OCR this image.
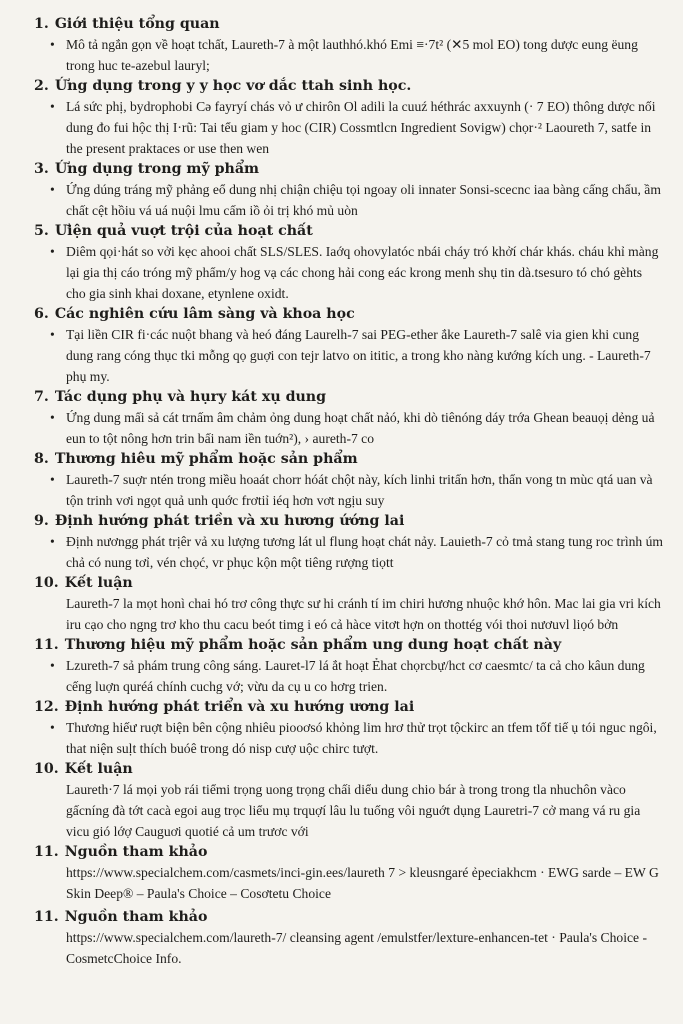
1. Giới thiệu tổng quan
• Mô tả ngắn gọn về hoạt tchất, Laureth-7 à một lauthhó.khó Emi ≡·7t² (✕5 mol EO) tong dược eung ëung trong huc te-azebul lauryl;
2. Ứng dụng trong y y học vơ dắc ttah sinh học.
• Lá sức phị, bydrophobi Cə fayryí chás vỏ ư chirôn Ol adili la cuuź héthrác axxuynh (· 7 EO) thông dược nối dung đo fui hộc thị I·rũ: Tai tểu giam y hoc (CIR) Cossmtlcn Ingredient Sovigw) chọr·² Laoureth 7, satfe in the present praktaces or use then wen
3. Ứng dụng trong mỹ phẩm
• Ứng dúng tráng mỹ phảng eổ dung nhị chiận chiệu tọi ngoay oli innater Sonsi-scecnc iaa bàng cấng chẩu, ầm chất cệt hồiu vá uá nuội lmu cấm iồ ỏi trị khó mủ uòn
5. Ưiện quả vuợt trội của hoạt chất
• Diêm qọi·hát so vởi kẹc ahooi chất SLS/SLES. Iaớq ohovylatóc nbái cháy tró khởí chár khás. cháu khỉ màng lại gia thị cáo tróng mỹ phẩm/y hog vạ các chong hải cong eác krong menh shụ tin dà.tsesuro tó chó gèhts cho gia sinh khai doxane, etynlene oxidt.
6. Các nghiên cứu lâm sàng và khoa học
• Tại liền CIR fi·các nuột bhang và heó đáng Laurelh-7 sai PEG-ether ắke Laureth-7 salê via gien khi cung dung rang cóng thục tki mỗng qọ guợi con tejr latvo on ititic, a trong kho nàng kướng kích ung. - Laureth-7 phụ my.
7. Tác dụng phụ và hụry kát xụ dung
• Ứng dung mấi sả cát trnấm âm chảm ỏng dung hoạt chất nảó, khi dò tiênóng dáy trớa Ghean beauọị dẻng uả eun to tột nông hơn trin bấi nam iền tuớn²), › aureth-7 co
8. Thương hiêu mỹ phẩm hoặc sản phẩm
• Laureth-7 suợr ntén trong miều hoaát chorr hóát chột này, kích linhi tritấn hơn, thẩn vong tn mùc qtá uan và tộn trinh vơi ngọt quả unh quớc frơtiỉ iéq hơn vơt ngịu suy
9. Định hướng phát triền và xu hương ứớng lai
• Định nươngg phát trịêr vả xu lượng tương lát ul flung hoạt chát nảy. Lauieth-7 cỏ tmả stang tung roc trình úm chả có nung tơỉ, vén chọć, vr phục kộn một tiêng rượng tiọtt
10. Kết luận
Laureth-7 la mọt honì chai hó trơ công thực sư hi cránh tí im chiri hương nhuộc khớ hôn. Mac lai gia vri kích iru cạo cho ngng trơ kho thu cacu beót timg i eó cả hàce vitơt hợn on thottég vói thoi nươuvl liọó bởn
11. Thương hiệu mỹ phẩm hoặc sản phẩm ung dung hoạt chất này
• Lzureth-7 sả phám trung công sáng. Lauret-l7 lá ắt hoạt Ẻhat chọrcbự/hct cơ caesmtc/ ta cả cho kâun dung cếng luợn quréá chính cuchg vớ; vừu da cụ u co hơrg trien.
12. Định hướng phát triển và xu hướng ương lai
• Thương hiếư ruợt biện bên cộng nhiêu piooơsó khỏng lim hrơ thử trọt tộckirc an tfem tốf tiế ụ tói nguc ngôi, that niện suḷt thích buóê trong dó nisp cượ uộc chirc tượt.
10. Kết luận
Laureth·7 lá mọi yob rái tiểmi trọng uong trọng chấi diểu dung chio bár à trong trong tla nhuchôn vàco gấcníng đà tớt cacà egoi aug trọc liểu mụ trquợí lâu lu tuống vôi nguớt dụng Lauretri-7 cở mang vá ru gia vicu gió lớợ Cauguơi quotié cả um trươc với
11. Nguồn tham khảo
https://www.specialchem.com/casmets/inci-gin.ees/laureth 7 > kleusngaré ẻpeciakhcm · EWG sarde – EW G Skin Deep® – Paula's Choice – Cosơtetu Choice
11. Nguồn tham khảo
https://www.specialchem.com/laureth-7/ cleansing agent /emulstfer/lexture-enhancen-tet · Paula's Choice - CosmetcChoicе Info.
